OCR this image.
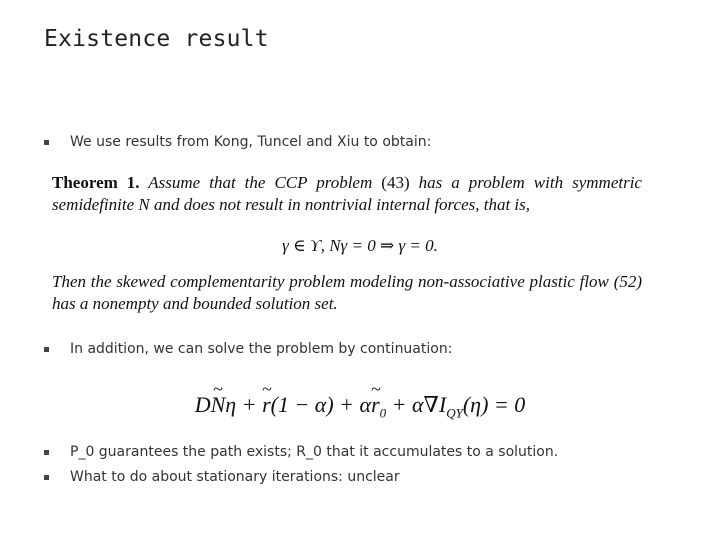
Existence result
We use results from Kong, Tuncel and Xiu to obtain:
Theorem 1. Assume that the CCP problem (43) has a problem with symmetric semidefinite N and does not result in nontrivial internal forces, that is,
γ ∈ ϒ, Nγ = 0 ⇒ γ = 0.
Then the skewed complementarity problem modeling non-associative plastic flow (52) has a nonempty and bounded solution set.
In addition, we can solve the problem by continuation:
D~ Nη + ~ r(1 − α) + α~ $r_0 + \alpha\nabla I_{Q\Upsilon}(\eta) = 0$
P_0 guarantees the path exists; R_0 that it accumulates to a solution.
What to do about stationary iterations: unclear
